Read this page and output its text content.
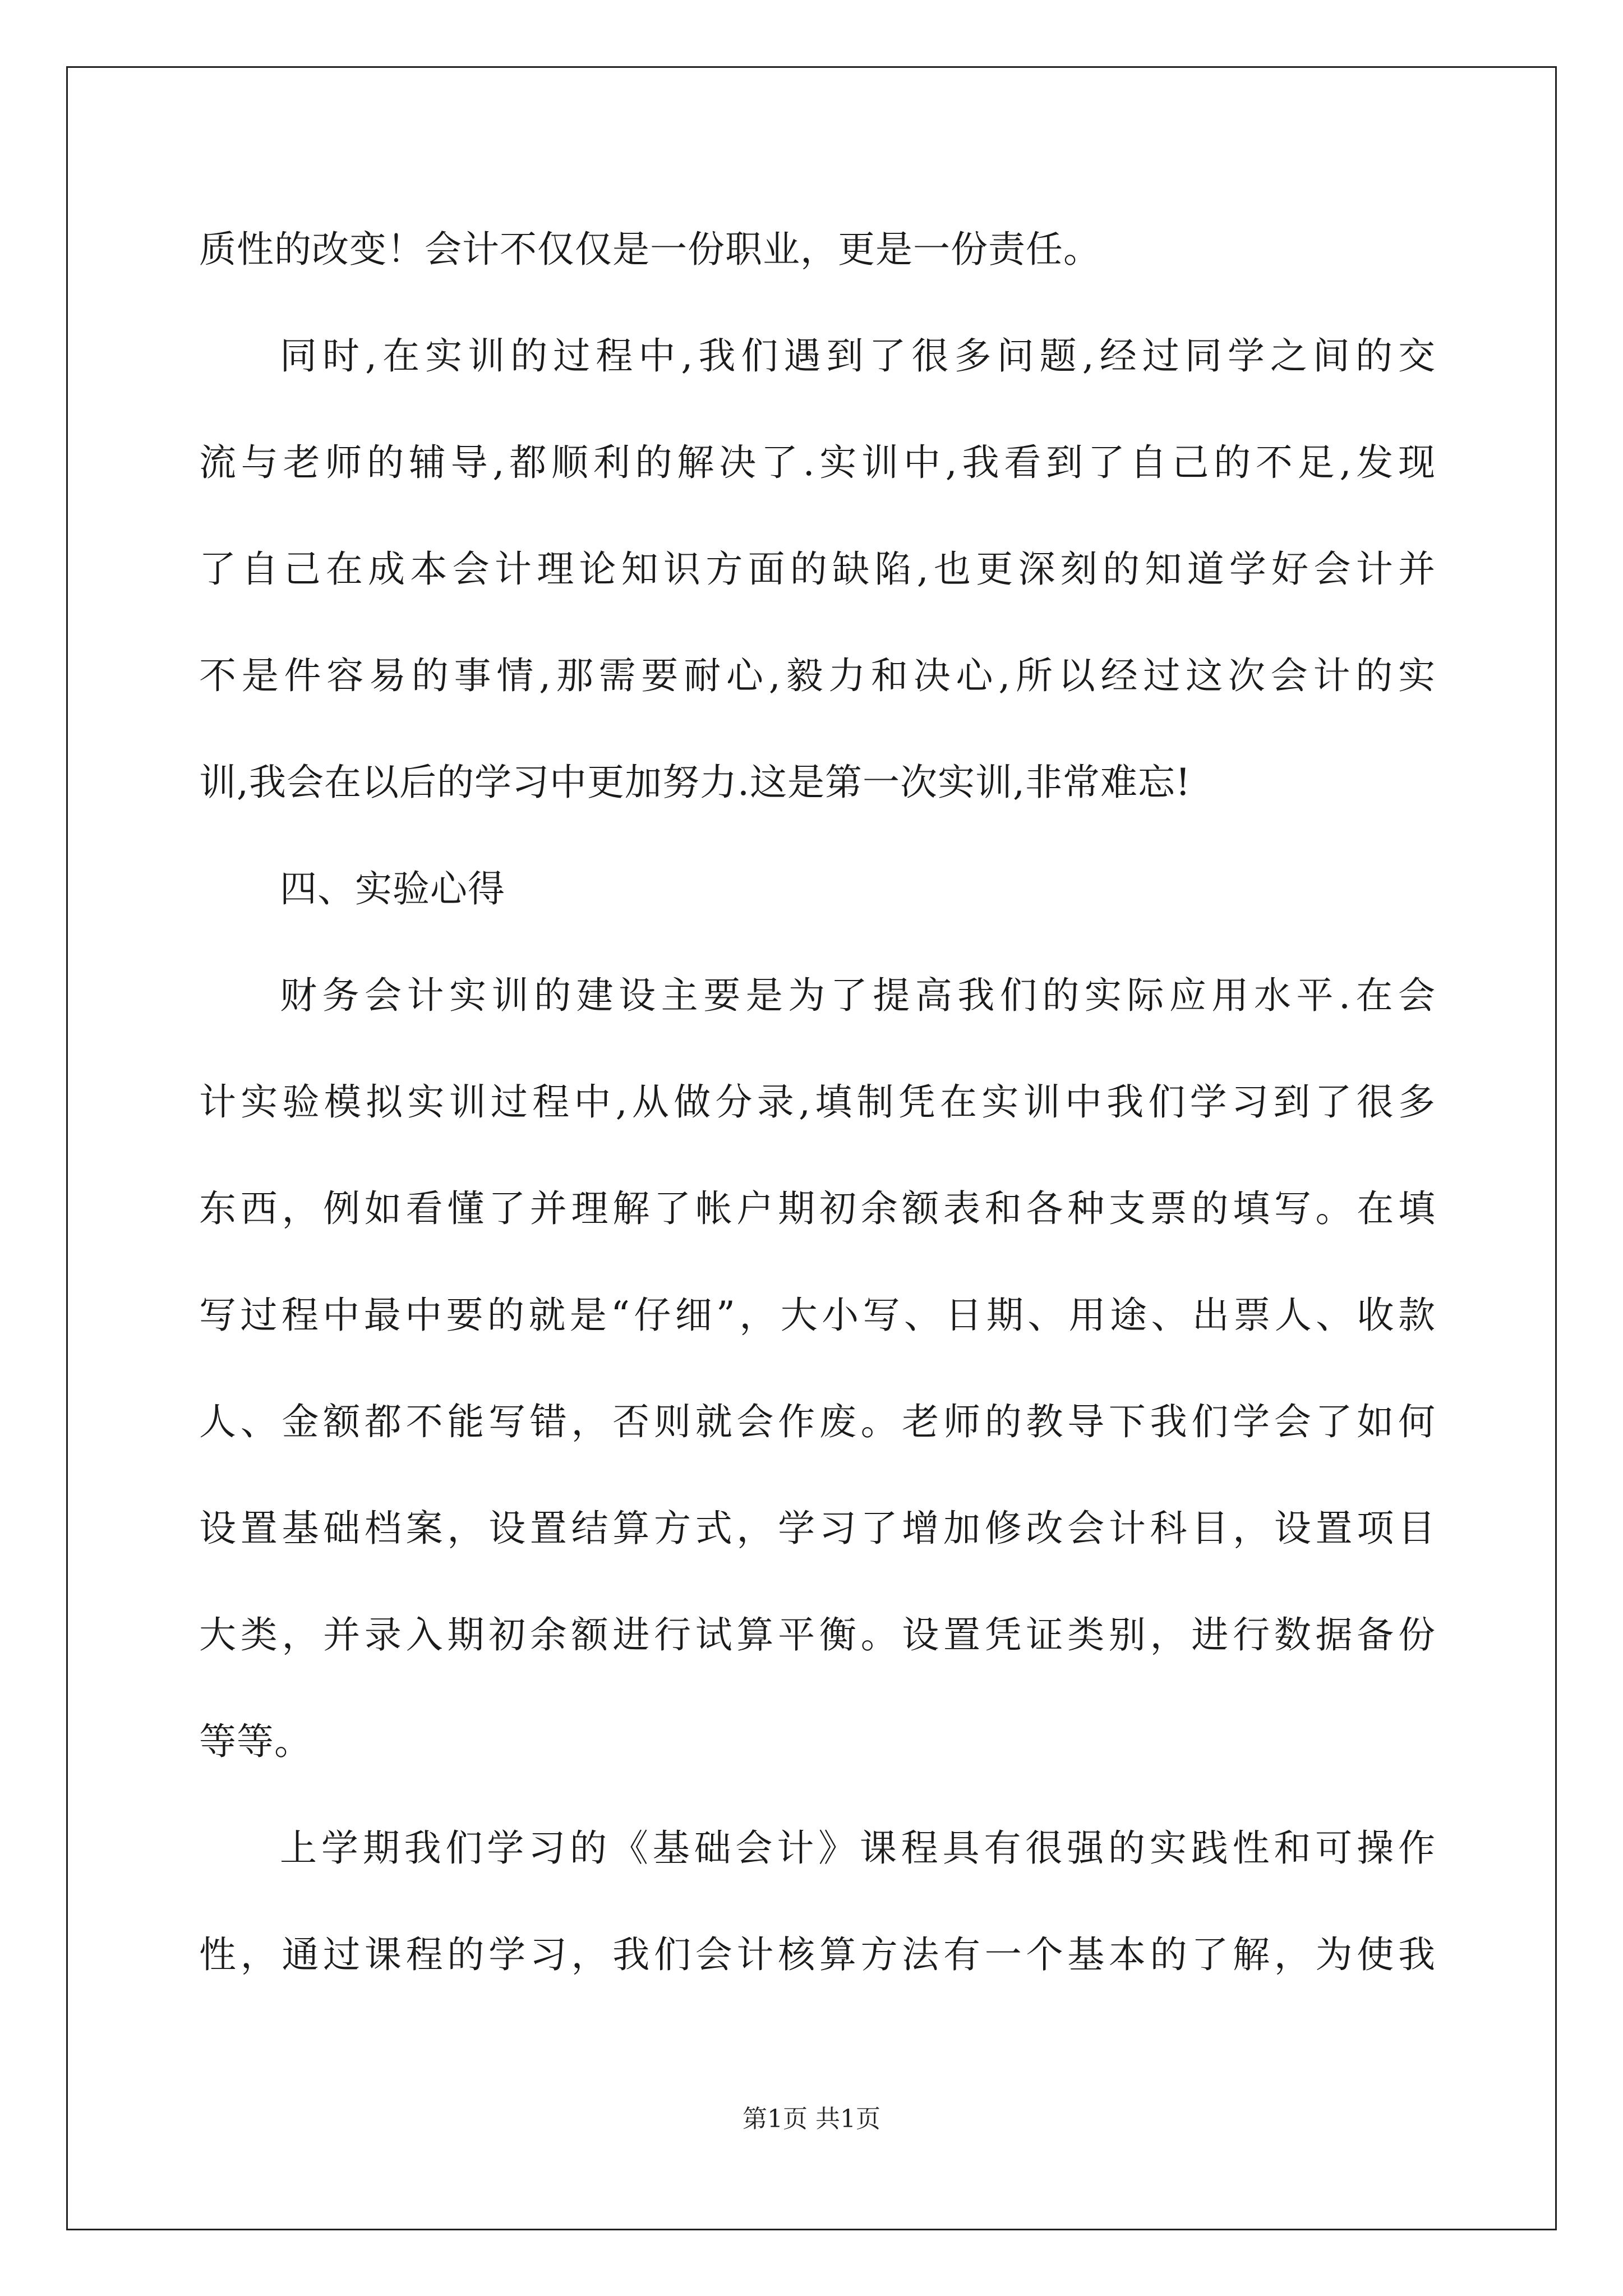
质性的改变！会计不仅仅是一份职业，更是一份责任。
同时,在实训的过程中,我们遇到了很多问题,经过同学之间的交
流与老师的辅导,都顺利的解决了.实训中,我看到了自己的不足,发现
了自己在成本会计理论知识方面的缺陷,也更深刻的知道学好会计并
不是件容易的事情,那需要耐心,毅力和决心,所以经过这次会计的实
训,我会在以后的学习中更加努力.这是第一次实训,非常难忘!
四、实验心得
财务会计实训的建设主要是为了提高我们的实际应用水平.在会
计实验模拟实训过程中,从做分录,填制凭在实训中我们学习到了很多
东西，例如看懂了并理解了帐户期初余额表和各种支票的填写。在填
写过程中最中要的就是“仔细”，大小写、日期、用途、出票人、收款
人、金额都不能写错，否则就会作废。老师的教导下我们学会了如何
设置基础档案，设置结算方式，学习了增加修改会计科目，设置项目
大类，并录入期初余额进行试算平衡。设置凭证类别，进行数据备份
等等。
上学期我们学习的《基础会计》课程具有很强的实践性和可操作
性，通过课程的学习，我们会计核算方法有一个基本的了解，为使我
第1页 共1页
